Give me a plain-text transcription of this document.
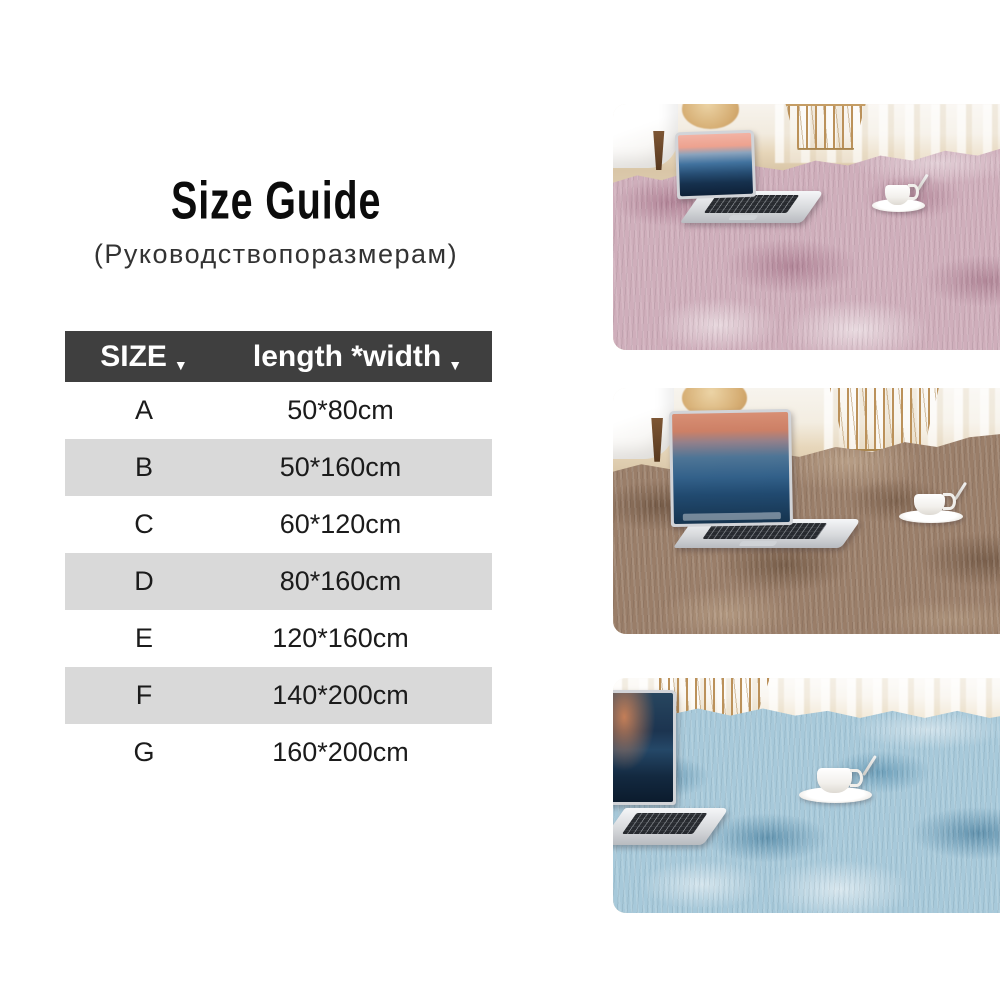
Size Guide
(Руководствопоразмерам)
SIZE ▼	length *width ▼
A	50*80cm
B	50*160cm
C	60*120cm
D	80*160cm
E	120*160cm
F	140*200cm
G	160*200cm
